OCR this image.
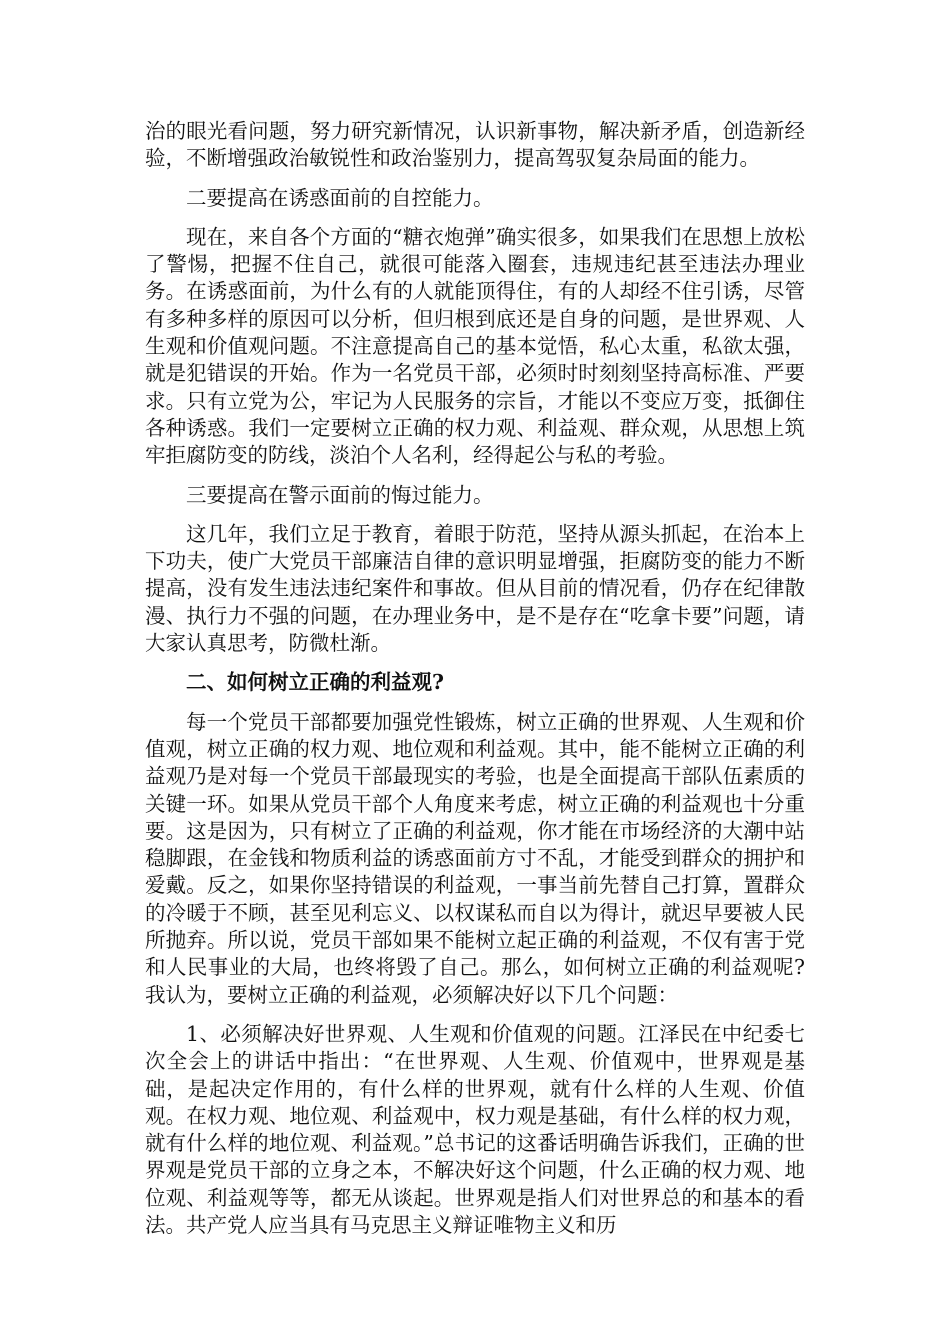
治的眼光看问题，努力研究新情况，认识新事物，解决新矛盾，创造新经验，不断增强政治敏锐性和政治鉴别力，提高驾驭复杂局面的能力。

二要提高在诱惑面前的自控能力。

现在，来自各个方面的“糖衣炮弹”确实很多，如果我们在思想上放松了警惕，把握不住自己，就很可能落入圈套，违规违纪甚至违法办理业务。在诱惑面前，为什么有的人就能顶得住，有的人却经不住引诱，尽管有多种多样的原因可以分析，但归根到底还是自身的问题，是世界观、人生观和价值观问题。不注意提高自己的基本觉悟，私心太重，私欲太强，就是犯错误的开始。作为一名党员干部，必须时时刻刻坚持高标准、严要求。只有立党为公，牢记为人民服务的宗旨，才能以不变应万变，抵御住各种诱惑。我们一定要树立正确的权力观、利益观、群众观，从思想上筑牢拒腐防变的防线，淡泊个人名利，经得起公与私的考验。

三要提高在警示面前的悔过能力。

这几年，我们立足于教育，着眼于防范，坚持从源头抓起，在治本上下功夫，使广大党员干部廉洁自律的意识明显增强，拒腐防变的能力不断提高，没有发生违法违纪案件和事故。但从目前的情况看，仍存在纪律散漫、执行力不强的问题，在办理业务中，是不是存在“吃拿卡要”问题，请大家认真思考，防微杜渐。

二、如何树立正确的利益观?

每一个党员干部都要加强党性锻炼，树立正确的世界观、人生观和价值观，树立正确的权力观、地位观和利益观。其中，能不能树立正确的利益观乃是对每一个党员干部最现实的考验，也是全面提高干部队伍素质的关键一环。如果从党员干部个人角度来考虑，树立正确的利益观也十分重要。这是因为，只有树立了正确的利益观，你才能在市场经济的大潮中站稳脚跟，在金钱和物质利益的诱惑面前方寸不乱，才能受到群众的拥护和爱戴。反之，如果你坚持错误的利益观，一事当前先替自己打算，置群众的冷暖于不顾，甚至见利忘义、以权谋私而自以为得计，就迟早要被人民所抛弃。所以说，党员干部如果不能树立起正确的利益观，不仅有害于党和人民事业的大局，也终将毁了自己。那么，如何树立正确的利益观呢?我认为，要树立正确的利益观，必须解决好以下几个问题：

1、必须解决好世界观、人生观和价值观的问题。江泽民在中纪委七次全会上的讲话中指出：“在世界观、人生观、价值观中，世界观是基础，是起决定作用的，有什么样的世界观，就有什么样的人生观、价值观。在权力观、地位观、利益观中，权力观是基础，有什么样的权力观，就有什么样的地位观、利益观。”总书记的这番话明确告诉我们，正确的世界观是党员干部的立身之本，不解决好这个问题，什么正确的权力观、地位观、利益观等等，都无从谈起。世界观是指人们对世界总的和基本的看法。共产党人应当具有马克思主义辩证唯物主义和历
